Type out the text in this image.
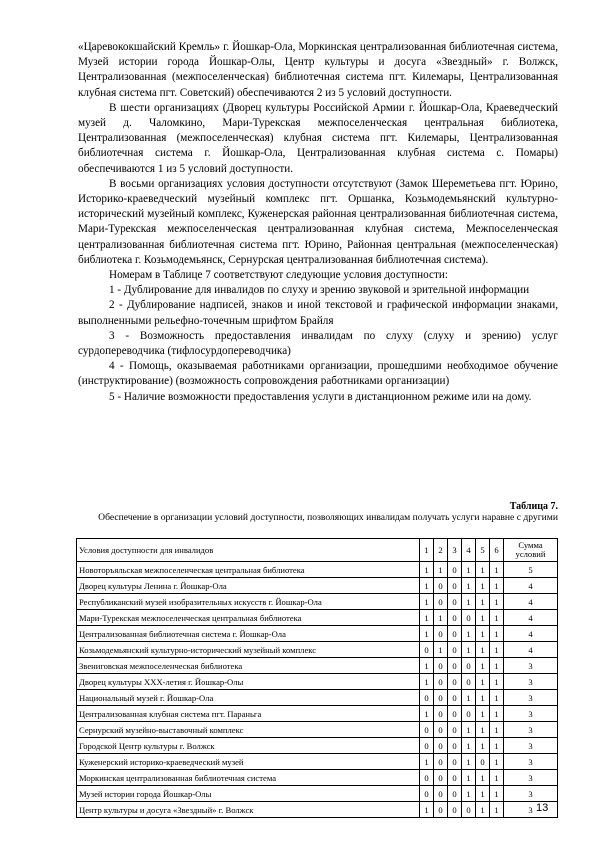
«Царевококшайский Кремль» г. Йошкар-Ола, Моркинская централизованная библиотечная система, Музей истории города Йошкар-Олы, Центр культуры и досуга «Звездный» г. Волжск, Централизованная (межпоселенческая) библиотечная система пгт. Килемары, Централизованная клубная система пгт. Советский) обеспечиваются 2 из 5 условий доступности.

В шести организациях (Дворец культуры Российской Армии г. Йошкар-Ола, Краеведческий музей д. Чаломкино, Мари-Турекская межпоселенческая центральная библиотека, Централизованная (межпоселенческая) клубная система пгт. Килемары, Централизованная библиотечная система г. Йошкар-Ола, Централизованная клубная система с. Помары) обеспечиваются 1 из 5 условий доступности.

В восьми организациях условия доступности отсутствуют (Замок Шереметьева пгт. Юрино, Историко-краеведческий музейный комплекс пгт. Оршанка, Козьмодемьянский культурно-исторический музейный комплекс, Куженерская районная централизованная библиотечная система, Мари-Турекская межпоселенческая централизованная клубная система, Межпоселенческая централизованная библиотечная система пгт. Юрино, Районная центральная (межпоселенческая) библиотека г. Козьмодемьянск, Сернурская централизованная библиотечная система).

Номерам в Таблице 7 соответствуют следующие условия доступности:

1 - Дублирование для инвалидов по слуху и зрению звуковой и зрительной информации

2 - Дублирование надписей, знаков и иной текстовой и графической информации знаками, выполненными рельефно-точечным шрифтом Брайля

3 - Возможность предоставления инвалидам по слуху (слуху и зрению) услуг сурдопереводчика (тифлосурдопереводчика)

4 - Помощь, оказываемая работниками организации, прошедшими необходимое обучение (инструктирование) (возможность сопровождения работниками организации)

5 - Наличие возможности предоставления услуги в дистанционном режиме или на дому.

Таблица 7.
Обеспечение в организации условий доступности, позволяющих инвалидам получать услуги наравне с другими
Условия доступности для инвалидов	1	2	3	4	5	6	Сумма условий
Новоторъяльская межпоселенческая центральная библиотека	1	1	0	1	1	1	5
Дворец культуры Ленина г. Йошкар-Ола	1	0	0	1	1	1	4
Республиканский музей изобразительных искусств г. Йошкар-Ола	1	0	0	1	1	1	4
Мари-Турекская межпоселенческая центральная библиотека	1	1	0	0	1	1	4
Централизованная библиотечная система г. Йошкар-Ола	1	0	0	1	1	1	4
Козьмодемьянский культурно-исторический музейный комплекс	0	1	0	1	1	1	4
Звениговская межпоселенческая библиотека	1	0	0	0	1	1	3
Дворец культуры XXX-летия г. Йошкар-Олы	1	0	0	0	1	1	3
Национальный музей г. Йошкар-Ола	0	0	0	1	1	1	3
Централизованная клубная система пгт. Параньга	1	0	0	0	1	1	3
Сернурский музейно-выставочный комплекс	0	0	0	1	1	1	3
Городской Центр культуры г. Волжск	0	0	0	1	1	1	3
Куженерский историко-краеведческий музей	1	0	0	1	0	1	3
Моркинская централизованная библиотечная система	0	0	0	1	1	1	3
Музей истории города Йошкар-Олы	0	0	0	1	1	1	3
Центр культуры и досуга «Звездный» г. Волжск	1	0	0	0	1	1	3 13
